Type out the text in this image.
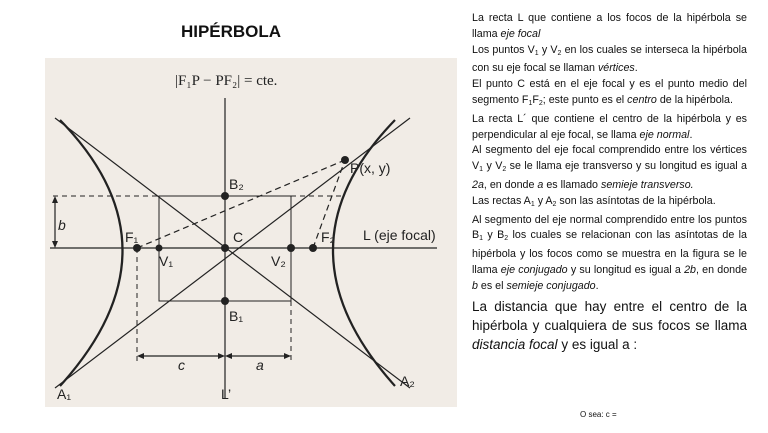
HIPÉRBOLA
|F₁P − PF₂| = cte.
P(x, y)
B₂
B₁
F₁	F₂
C
V₁	V₂
L (eje focal)
b
c	a
A₁
A₂
L’

La recta L que contiene a los focos de la hipérbola se llama eje focal

Los puntos $V_1$ y $V_2$ en los cuales se interseca la hipérbola con su eje focal se llaman vértices.

El punto C está en el eje focal y es el punto medio del segmento $F_1F_2$; este punto es el centro de la hipérbola.

La recta L´ que contiene el centro de la hipérbola y es perpendicular al eje focal, se llama eje normal.

Al segmento del eje focal comprendido entre los vértices $V_1$ y $V_2$ se le llama eje transverso y su longitud es igual a 2a, en donde a es llamado semieje transverso.

Las rectas $A_1$ y $A_2$ son las asíntotas de la hipérbola.

Al segmento del eje normal comprendido entre los puntos $B_1$ y $B_2$ los cuales se relacionan con las asíntotas de la hipérbola y los focos como se muestra en la figura se le llama eje conjugado y su longitud es igual a 2b, en donde b es el semieje conjugado.

La distancia que hay entre el centro de la hipérbola y cualquiera de sus focos se llama distancia focal y es igual a :

O sea: c =
